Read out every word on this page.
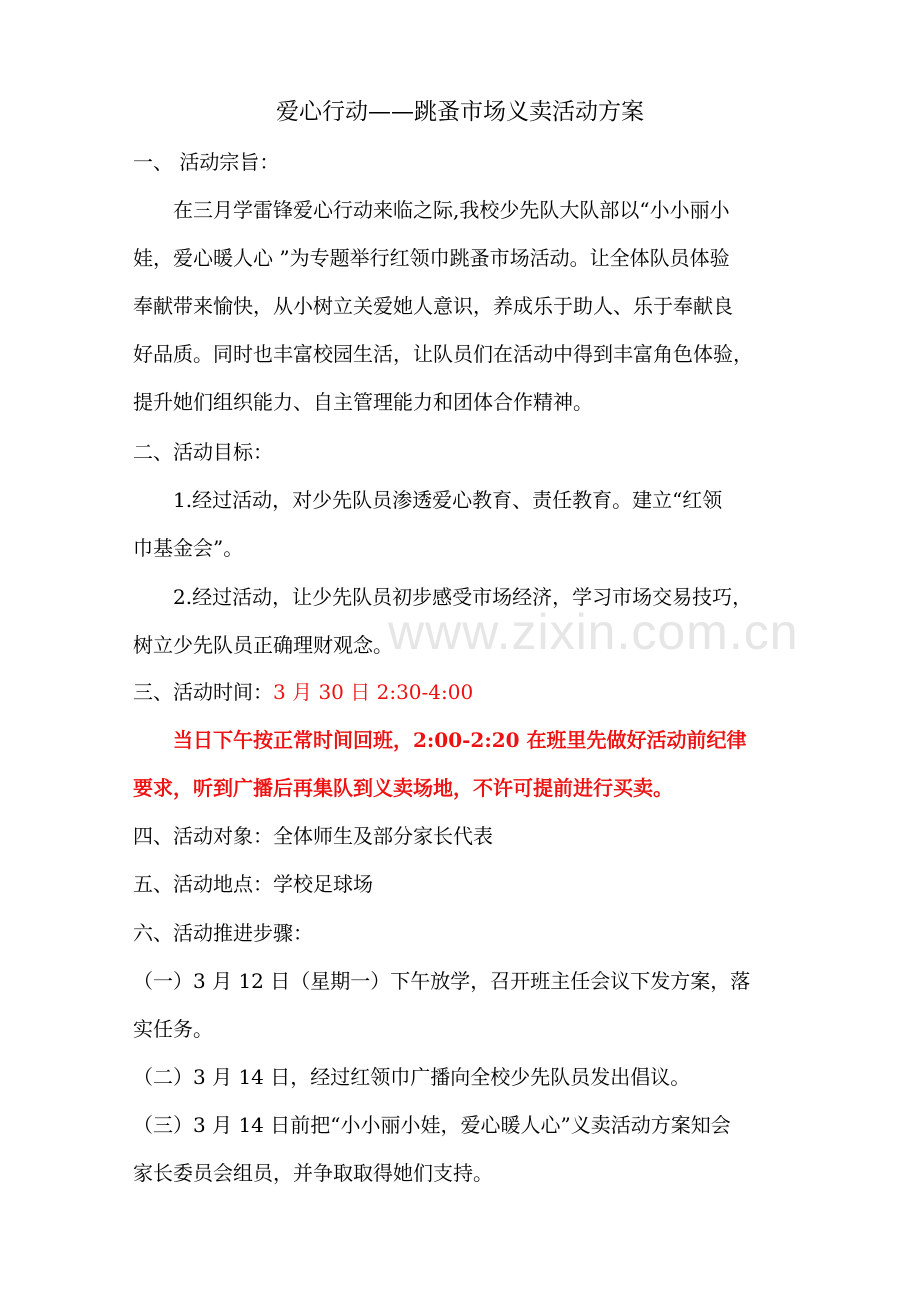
www.zixin.com.cn
爱心行动——跳蚤市场义卖活动方案

一、 活动宗旨：

在三月学雷锋爱心行动来临之际,我校少先队大队部以“小小丽小

娃，爱心暖人心 ”为专题举行红领巾跳蚤市场活动。让全体队员体验

奉献带来愉快，从小树立关爱她人意识，养成乐于助人、乐于奉献良

好品质。同时也丰富校园生活，让队员们在活动中得到丰富角色体验，

提升她们组织能力、自主管理能力和团体合作精神。

二、活动目标：

1.经过活动，对少先队员渗透爱心教育、责任教育。建立“红领

巾基金会”。

2.经过活动，让少先队员初步感受市场经济，学习市场交易技巧，

树立少先队员正确理财观念。

三、活动时间：3 月 30 日 2:30-4:00

当日下午按正常时间回班，2:00-2:20 在班里先做好活动前纪律

要求，听到广播后再集队到义卖场地，不许可提前进行买卖。

四、活动对象：全体师生及部分家长代表

五、活动地点：学校足球场

六、活动推进步骤：

（一）3 月 12 日（星期一）下午放学，召开班主任会议下发方案，落

实任务。

（二）3 月 14 日，经过红领巾广播向全校少先队员发出倡议。

（三）3 月 14 日前把“小小丽小娃，爱心暖人心”义卖活动方案知会

家长委员会组员，并争取取得她们支持。
